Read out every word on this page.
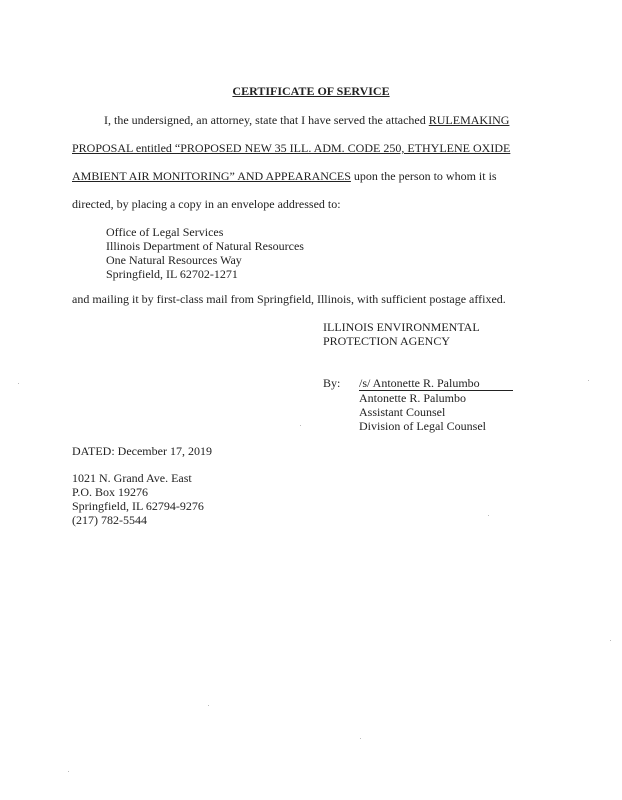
CERTIFICATE OF SERVICE
I, the undersigned, an attorney, state that I have served the attached RULEMAKING
PROPOSAL entitled “PROPOSED NEW 35 ILL. ADM. CODE 250, ETHYLENE OXIDE
AMBIENT AIR MONITORING” AND APPEARANCES upon the person to whom it is
directed, by placing a copy in an envelope addressed to:
Office of Legal Services
Illinois Department of Natural Resources
One Natural Resources Way
Springfield, IL 62702-1271
and mailing it by first-class mail from Springfield, Illinois, with sufficient postage affixed.
ILLINOIS ENVIRONMENTAL
PROTECTION AGENCY
By: /s/ Antonette R. Palumbo
Antonette R. Palumbo
Assistant Counsel
Division of Legal Counsel
DATED: December 17, 2019
1021 N. Grand Ave. East
P.O. Box 19276
Springfield, IL 62794-9276
(217) 782-5544
